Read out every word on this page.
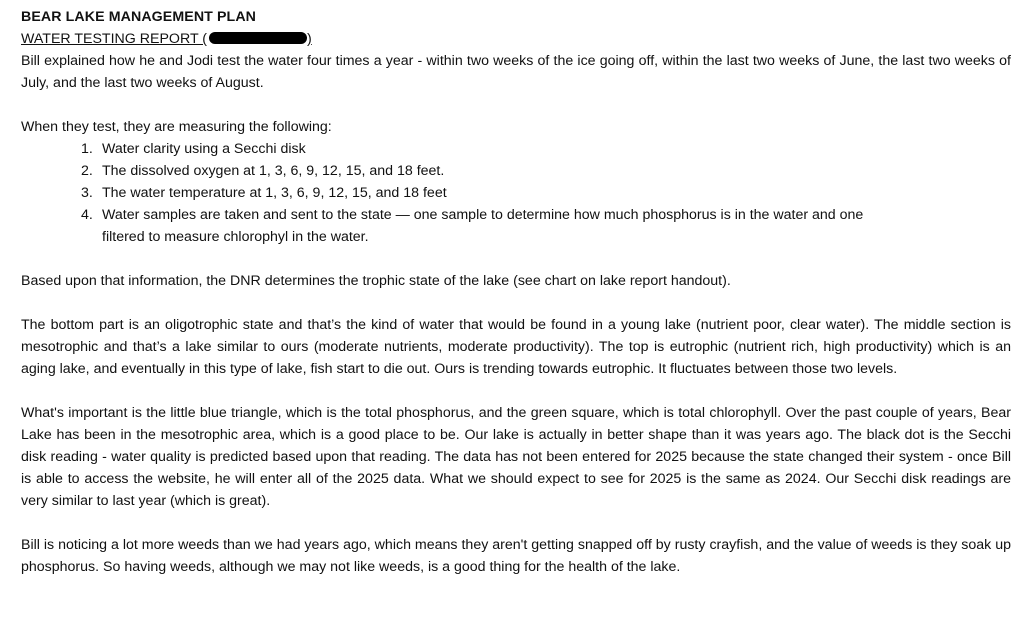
BEAR LAKE MANAGEMENT PLAN
WATER TESTING REPORT (	)

Bill explained how he and Jodi test the water four times a year - within two weeks of the ice going off, within the last two weeks of June, the last two weeks of July, and the last two weeks of August.

When they test, they are measuring the following:

1. Water clarity using a Secchi disk
2. The dissolved oxygen at 1, 3, 6, 9, 12, 15, and 18 feet.
3. The water temperature at 1, 3, 6, 9, 12, 15, and 18 feet
4. Water samples are taken and sent to the state — one sample to determine how much phosphorus is in the water and one filtered to measure chlorophyl in the water.

Based upon that information, the DNR determines the trophic state of the lake (see chart on lake report handout).

The bottom part is an oligotrophic state and that’s the kind of water that would be found in a young lake (nutrient poor, clear water). The middle section is mesotrophic and that’s a lake similar to ours (moderate nutrients, moderate productivity). The top is eutrophic (nutrient rich, high productivity) which is an aging lake, and eventually in this type of lake, fish start to die out. Ours is trending towards eutrophic. It fluctuates between those two levels.

What's important is the little blue triangle, which is the total phosphorus, and the green square, which is total chlorophyll. Over the past couple of years, Bear Lake has been in the mesotrophic area, which is a good place to be. Our lake is actually in better shape than it was years ago. The black dot is the Secchi disk reading - water quality is predicted based upon that reading. The data has not been entered for 2025 because the state changed their system - once Bill is able to access the website, he will enter all of the 2025 data. What we should expect to see for 2025 is the same as 2024. Our Secchi disk readings are very similar to last year (which is great).

Bill is noticing a lot more weeds than we had years ago, which means they aren't getting snapped off by rusty crayfish, and the value of weeds is they soak up phosphorus. So having weeds, although we may not like weeds, is a good thing for the health of the lake.
